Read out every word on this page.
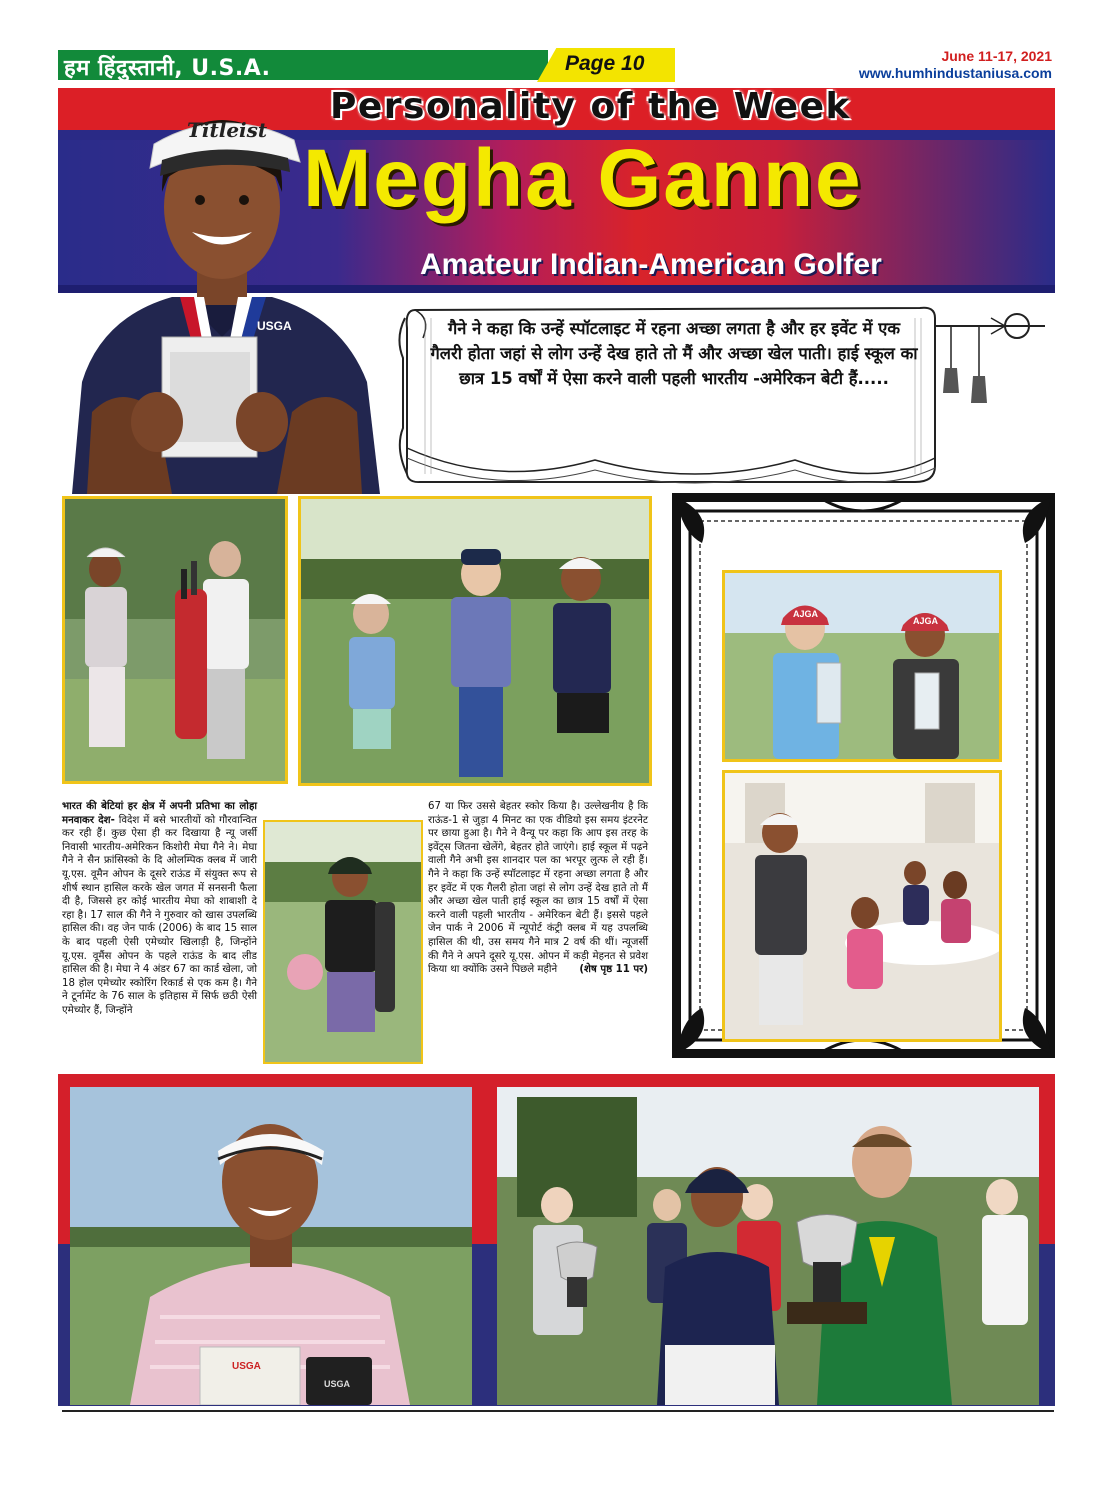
हम हिंदुस्तानी, U.S.A.	Page 10	June 11-17, 2021
www.humhindustaniusa.com
Personality of the Week
Megha Ganne
Amateur Indian-American Golfer
Titleist
USGA	गैने ने कहा कि उन्हें स्पॉटलाइट में रहना अच्छा लगता है और हर इवेंट में एक गैलरी होता जहां से लोग उन्हें देख हाते तो मैं और अच्छा खेल पाती। हाई स्कूल का छात्र 15 वर्षों में ऐसा करने वाली पहली भारतीय -अमेरिकन बेटी हैं.....
AJGA
AJGA
भारत की बेटियां हर क्षेत्र में अपनी प्रतिभा का लोहा मनवाकर देश- विदेश में बसे भारतीयों को गौरवान्वित कर रही हैं। कुछ ऐसा ही कर दिखाया है न्यू जर्सी निवासी भारतीय-अमेरिकन किशोरी मेघा गैने ने। मेघा गैने ने सैन फ्रांसिस्को के दि ओलम्पिक क्लब में जारी यू.एस. वूमैन ओपन के दूसरे राऊंड में संयुक्त रूप से शीर्ष स्थान हासिल करके खेल जगत में सनसनी फैला दी है, जिससे हर कोई भारतीय मेघा को शाबाशी दे रहा है। 17 साल की गैने ने गुरुवार को खास उपलब्धि हासिल की। वह जेन पार्क (2006) के बाद 15 साल के बाद पहली ऐसी एमेच्योर खिलाड़ी है, जिन्होंने यू.एस. वूमैंस ओपन के पहले राऊंड के बाद लीड हासिल की है। मेघा ने 4 अंडर 67 का कार्ड खेला, जो 18 होल एमेच्योर स्कोरिंग रिकार्ड से एक कम है। गैने ने टूर्नामेंट के 76 साल के इतिहास में सिर्फ छठी ऐसी एमेच्योर हैं, जिन्होंने
67 या फिर उससे बेहतर स्कोर किया है। उल्लेखनीय है कि राऊंड-1 से जुड़ा 4 मिनट का एक वीडियो इस समय इंटरनेट पर छाया हुआ है। गैने ने वैन्यू पर कहा कि आप इस तरह के इवेंट्स जितना खेलेंगे, बेहतर होते जाएंगे। हाई स्कूल में पढ़ने वाली गैने अभी इस शानदार पल का भरपूर लुत्फ ले रही हैं। गैने ने कहा कि उन्हें स्पॉटलाइट में रहना अच्छा लगता है और हर इवेंट में एक गैलरी होता जहां से लोग उन्हें देख हाते तो मैं और अच्छा खेल पाती हाई स्कूल का छात्र 15 वर्षों में ऐसा करने वाली पहली भारतीय - अमेरिकन बेटी हैं। इससे पहले जेन पार्क ने 2006 में न्यूपोर्ट कंट्री क्लब में यह उपलब्धि हासिल की थी, उस समय गैने मात्र 2 वर्ष की थीं। न्यूजर्सी की गैने ने अपने दूसरे यू.एस. ओपन में कड़ी मेहनत से प्रवेश किया था क्योंकि उसने पिछले महीने (शेष पृष्ठ 11 पर)
USGA
USGA
